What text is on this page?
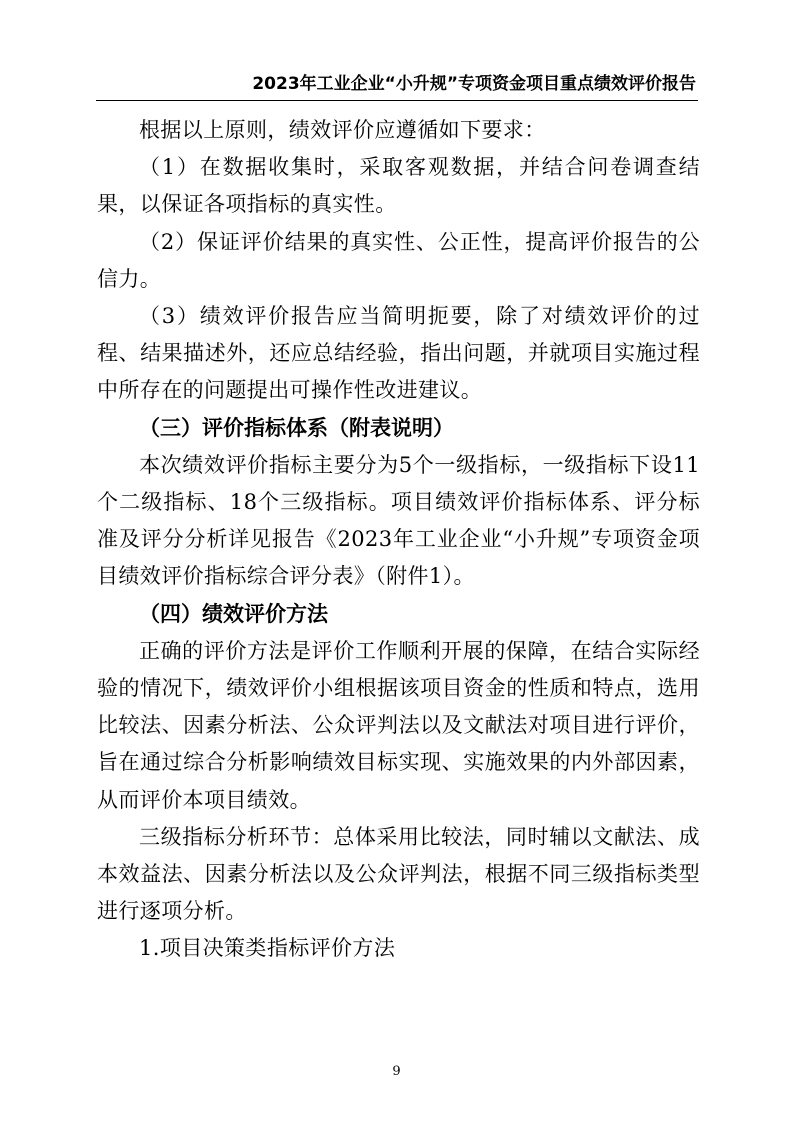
2023年工业企业“小升规”专项资金项目重点绩效评价报告

根据以上原则，绩效评价应遵循如下要求：

（1）在数据收集时，采取客观数据，并结合问卷调查结果，以保证各项指标的真实性。

（2）保证评价结果的真实性、公正性，提高评价报告的公信力。

（3）绩效评价报告应当简明扼要，除了对绩效评价的过程、结果描述外，还应总结经验，指出问题，并就项目实施过程中所存在的问题提出可操作性改进建议。

（三）评价指标体系（附表说明）

本次绩效评价指标主要分为5个一级指标，一级指标下设11个二级指标、18个三级指标。项目绩效评价指标体系、评分标准及评分分析详见报告《2023年工业企业“小升规”专项资金项目绩效评价指标综合评分表》（附件1）。

（四）绩效评价方法

正确的评价方法是评价工作顺利开展的保障，在结合实际经验的情况下，绩效评价小组根据该项目资金的性质和特点，选用比较法、因素分析法、公众评判法以及文献法对项目进行评价，旨在通过综合分析影响绩效目标实现、实施效果的内外部因素，从而评价本项目绩效。

三级指标分析环节：总体采用比较法，同时辅以文献法、成本效益法、因素分析法以及公众评判法，根据不同三级指标类型进行逐项分析。

1.项目决策类指标评价方法

9
